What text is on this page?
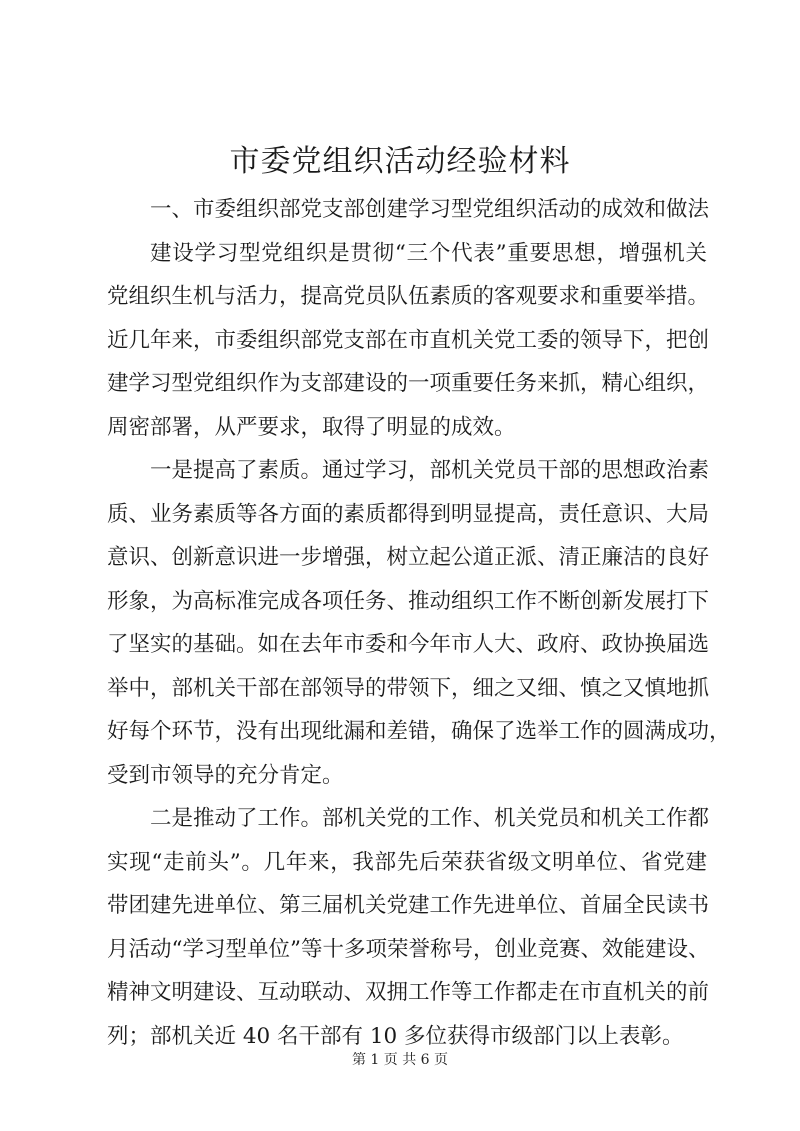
市委党组织活动经验材料
一、市委组织部党支部创建学习型党组织活动的成效和做法
建设学习型党组织是贯彻“三个代表”重要思想，增强机关
党组织生机与活力，提高党员队伍素质的客观要求和重要举措。
近几年来，市委组织部党支部在市直机关党工委的领导下，把创
建学习型党组织作为支部建设的一项重要任务来抓，精心组织，
周密部署，从严要求，取得了明显的成效。
一是提高了素质。通过学习，部机关党员干部的思想政治素
质、业务素质等各方面的素质都得到明显提高，责任意识、大局
意识、创新意识进一步增强，树立起公道正派、清正廉洁的良好
形象，为高标准完成各项任务、推动组织工作不断创新发展打下
了坚实的基础。如在去年市委和今年市人大、政府、政协换届选
举中，部机关干部在部领导的带领下，细之又细、慎之又慎地抓
好每个环节，没有出现纰漏和差错，确保了选举工作的圆满成功，
受到市领导的充分肯定。
二是推动了工作。部机关党的工作、机关党员和机关工作都
实现“走前头”。几年来，我部先后荣获省级文明单位、省党建
带团建先进单位、第三届机关党建工作先进单位、首届全民读书
月活动“学习型单位”等十多项荣誉称号，创业竞赛、效能建设、
精神文明建设、互动联动、双拥工作等工作都走在市直机关的前
列；部机关近 40 名干部有 10 多位获得市级部门以上表彰。
第 1 页 共 6 页
